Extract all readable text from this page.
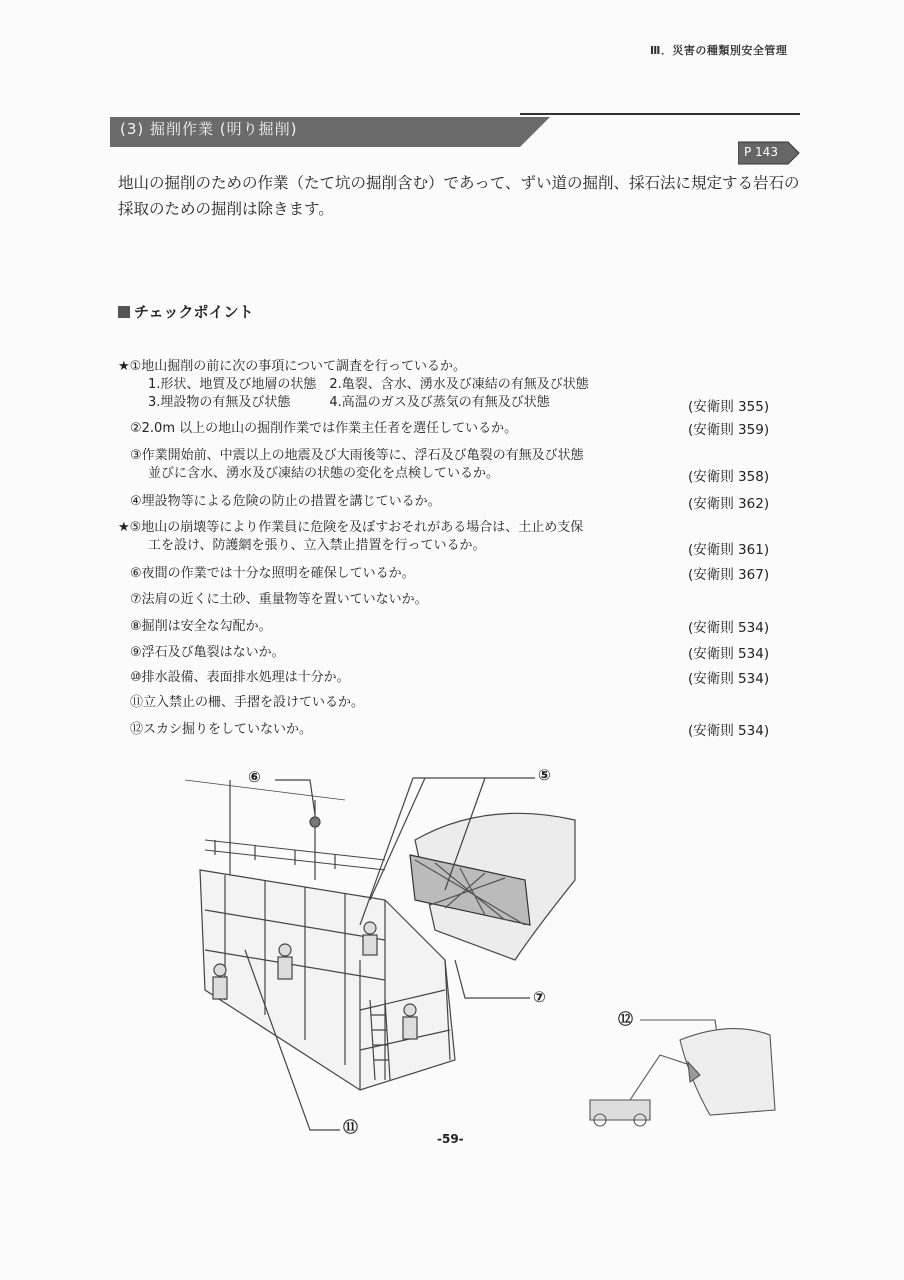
Ⅲ．災害の種類別安全管理
(3) 掘削作業 (明り掘削)
P 143
地山の掘削のための作業（たて坑の掘削含む）であって、ずい道の掘削、採石法に規定する岩石の採取のための掘削は除きます。
チェックポイント
★①地山掘削の前に次の事項について調査を行っているか。
1.形状、地質及び地層の状態　2.亀裂、含水、湧水及び凍結の有無及び状態
3.埋設物の有無及び状態　　　4.高温のガス及び蒸気の有無及び状態	(安衛則 355)
②2.0m 以上の地山の掘削作業では作業主任者を選任しているか。	(安衛則 359)
③作業開始前、中震以上の地震及び大雨後等に、浮石及び亀裂の有無及び状態
並びに含水、湧水及び凍結の状態の変化を点検しているか。	(安衛則 358)
④埋設物等による危険の防止の措置を講じているか。	(安衛則 362)
★⑤地山の崩壊等により作業員に危険を及ぼすおそれがある場合は、土止め支保
工を設け、防護網を張り、立入禁止措置を行っているか。	(安衛則 361)
⑥夜間の作業では十分な照明を確保しているか。	(安衛則 367)
⑦法肩の近くに土砂、重量物等を置いていないか。
⑧掘削は安全な勾配か。	(安衛則 534)
⑨浮石及び亀裂はないか。	(安衛則 534)
⑩排水設備、表面排水処理は十分か。	(安衛則 534)
⑪立入禁止の柵、手摺を設けているか。
⑫スカシ掘りをしていないか。	(安衛則 534)
⑥	⑤
⑦
⑪
⑫
-59-
